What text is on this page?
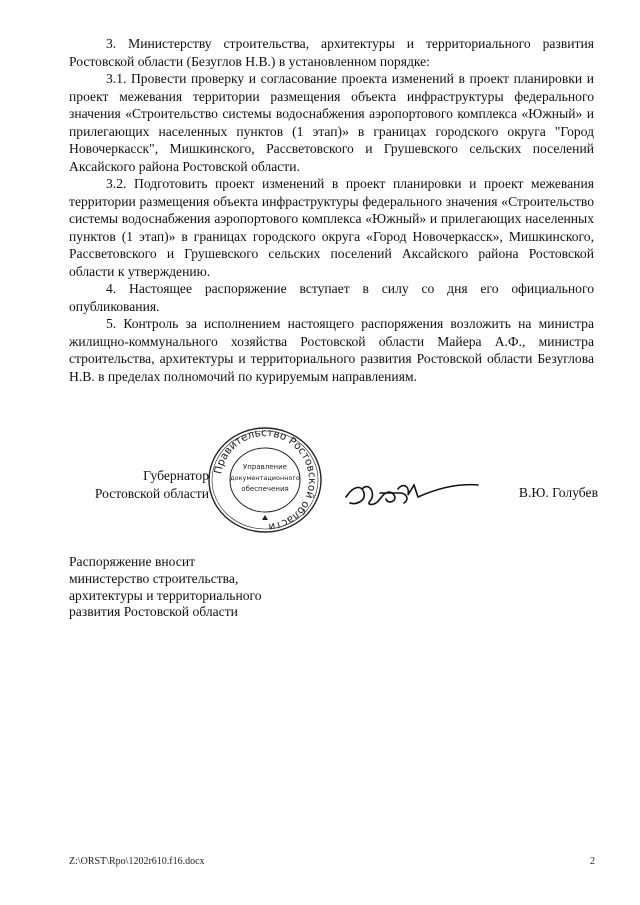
3. Министерству строительства, архитектуры и территориального развития Ростовской области (Безуглов Н.В.) в установленном порядке:

3.1. Провести проверку и согласование проекта изменений в проект планировки и проект межевания территории размещения объекта инфраструктуры федерального значения «Строительство системы водоснабжения аэропортового комплекса «Южный» и прилегающих населенных пунктов (1 этап)» в границах городского округа "Город Новочеркасск", Мишкинского, Рассветовского и Грушевского сельских поселений Аксайского района Ростовской области.

3.2. Подготовить проект изменений в проект планировки и проект межевания территории размещения объекта инфраструктуры федерального значения «Строительство системы водоснабжения аэропортового комплекса «Южный» и прилегающих населенных пунктов (1 этап)» в границах городского округа «Город Новочеркасск», Мишкинского, Рассветовского и Грушевского сельских поселений Аксайского района Ростовской области к утверждению.

4. Настоящее распоряжение вступает в силу со дня его официального опубликования.

5. Контроль за исполнением настоящего распоряжения возложить на министра жилищно-коммунального хозяйства Ростовской области Майера А.Ф., министра строительства, архитектуры и территориального развития Ростовской области Безуглова Н.В. в пределах полномочий по курируемым направлениям.

Губернатор
Ростовской области
Правительство Ростовской области
Управление
документационного
обеспечения	В.Ю. Голубев
Распоряжение вносит
министерство строительства,
архитектуры и территориального
развития Ростовской области
Z:\ORST\Rpo\1202r610.f16.docx	2
